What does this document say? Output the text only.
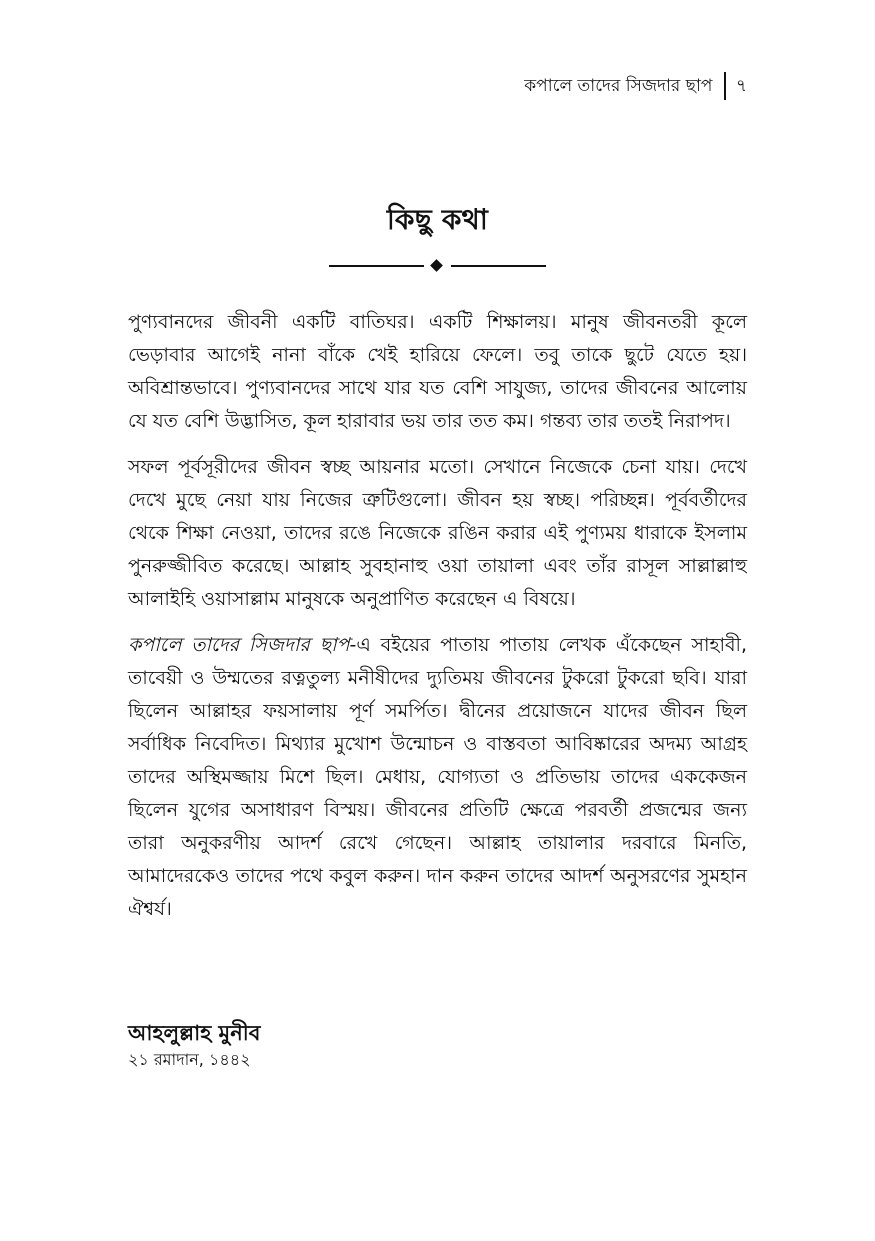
কপালে তাদের সিজদার ছাপ ৭
কিছু কথা

পুণ্যবানদের জীবনী একটি বাতিঘর। একটি শিক্ষালয়। মানুষ জীবনতরী কূলে ভেড়াবার আগেই নানা বাঁকে খেই হারিয়ে ফেলে। তবু তাকে ছুটে যেতে হয়। অবিশ্রান্তভাবে। পুণ্যবানদের সাথে যার যত বেশি সাযুজ্য, তাদের জীবনের আলোয় যে যত বেশি উদ্ভাসিত, কূল হারাবার ভয় তার তত কম। গন্তব্য তার ততই নিরাপদ।

সফল পূর্বসূরীদের জীবন স্বচ্ছ আয়নার মতো। সেখানে নিজেকে চেনা যায়। দেখে দেখে মুছে নেয়া যায় নিজের ত্রুটিগুলো। জীবন হয় স্বচ্ছ। পরিচ্ছন্ন। পূর্ববর্তীদের থেকে শিক্ষা নেওয়া, তাদের রঙে নিজেকে রঙিন করার এই পুণ্যময় ধারাকে ইসলাম পুনরুজ্জীবিত করেছে। আল্লাহ সুবহানাহু ওয়া তায়ালা এবং তাঁর রাসূল সাল্লাল্লাহু আলাইহি ওয়াসাল্লাম মানুষকে অনুপ্রাণিত করেছেন এ বিষয়ে।

কপালে তাদের সিজদার ছাপ-এ বইয়ের পাতায় পাতায় লেখক এঁকেছেন সাহাবী, তাবেয়ী ও উম্মতের রত্নতুল্য মনীষীদের দ্যুতিময় জীবনের টুকরো টুকরো ছবি। যারা ছিলেন আল্লাহর ফয়সালায় পূর্ণ সমর্পিত। দ্বীনের প্রয়োজনে যাদের জীবন ছিল সর্বাধিক নিবেদিত। মিথ্যার মুখোশ উন্মোচন ও বাস্তবতা আবিষ্কারের অদম্য আগ্রহ তাদের অস্থিমজ্জায় মিশে ছিল। মেধায়, যোগ্যতা ও প্রতিভায় তাদের এককেজন ছিলেন যুগের অসাধারণ বিস্ময়। জীবনের প্রতিটি ক্ষেত্রে পরবর্তী প্রজন্মের জন্য তারা অনুকরণীয় আদর্শ রেখে গেছেন। আল্লাহ তায়ালার দরবারে মিনতি, আমাদেরকেও তাদের পথে কবুল করুন। দান করুন তাদের আদর্শ অনুসরণের সুমহান ঐশ্বর্য।

আহলুল্লাহ মুনীব
২১ রমাদান, ১৪৪২
